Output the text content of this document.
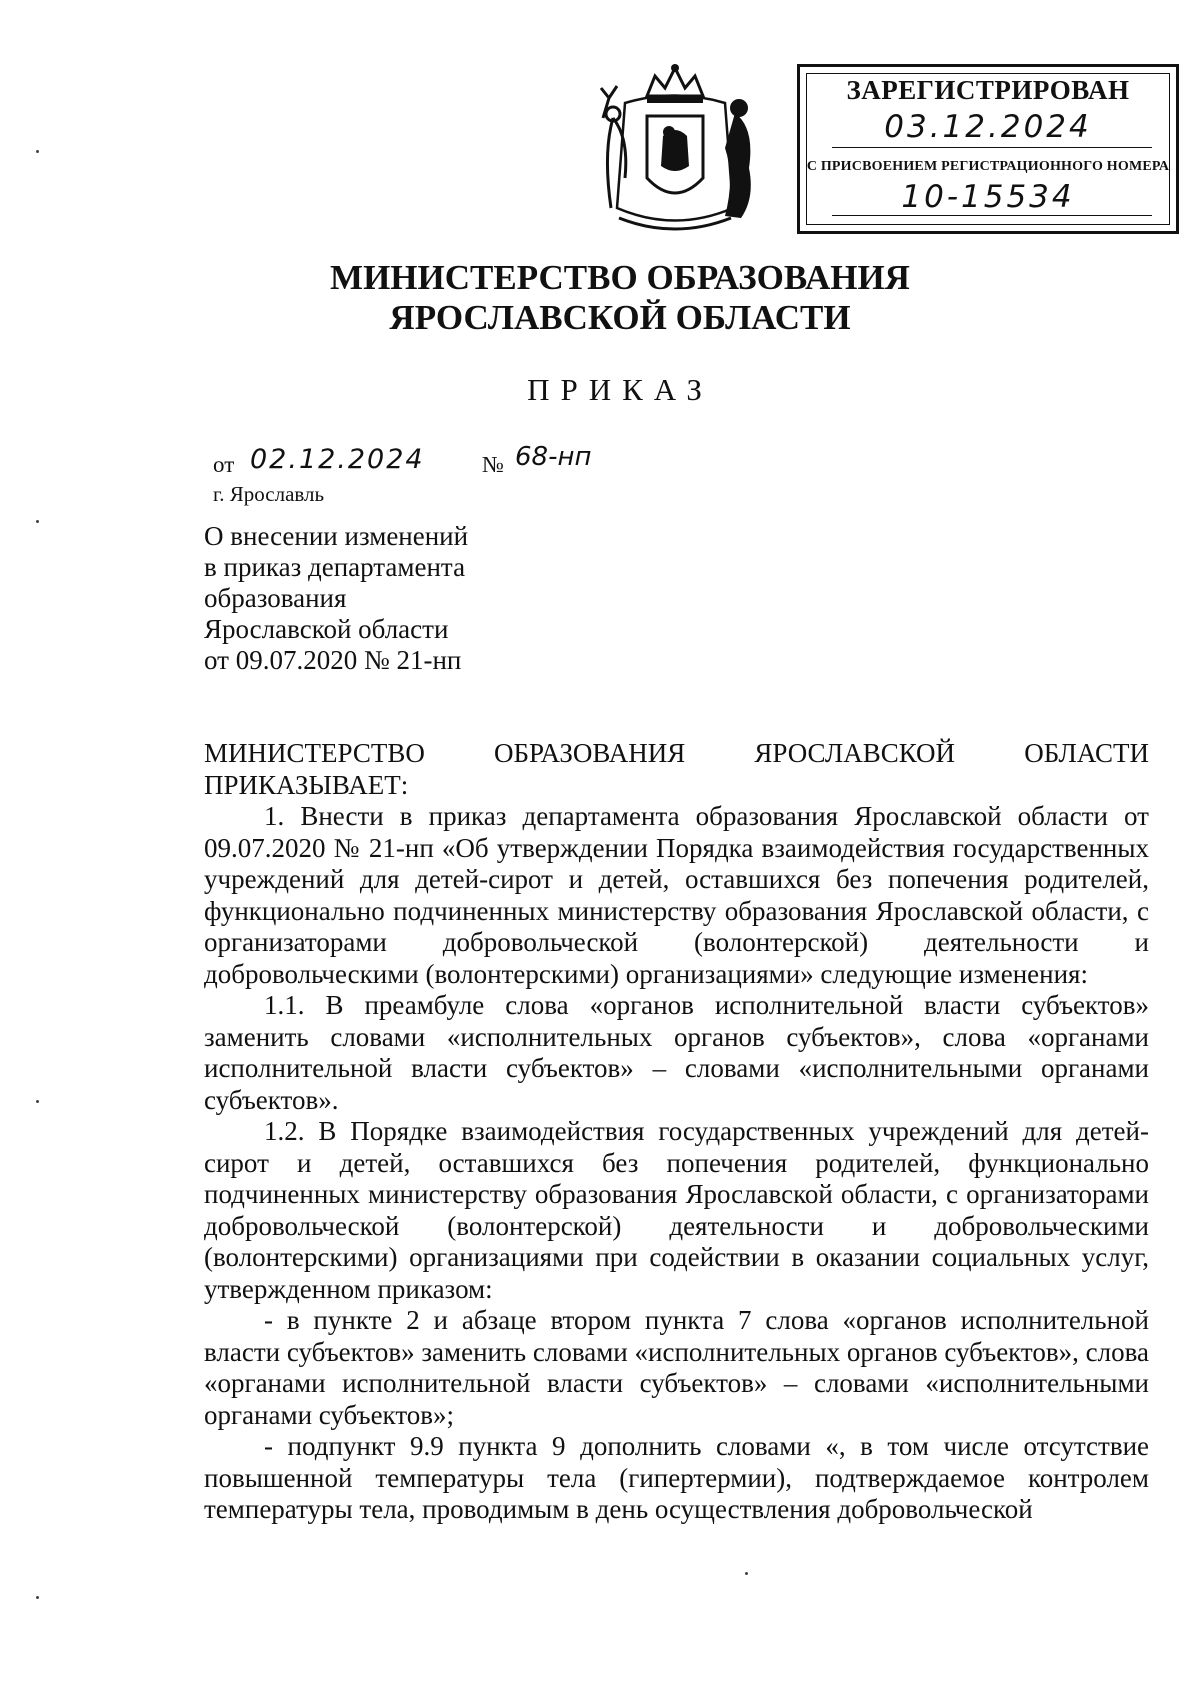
ЗАРЕГИСТРИРОВАН
03.12.2024
С ПРИСВОЕНИЕМ РЕГИСТРАЦИОННОГО НОМЕРА
10-15534
МИНИСТЕРСТВО ОБРАЗОВАНИЯ
ЯРОСЛАВСКОЙ ОБЛАСТИ
ПРИКАЗ
от 02.12.2024 № 68-нп
г. Ярославль
О внесении изменений
в приказ департамента
образования
Ярославской области
от 09.07.2020 № 21-нп

МИНИСТЕРСТВО ОБРАЗОВАНИЯ ЯРОСЛАВСКОЙ ОБЛАСТИ

ПРИКАЗЫВАЕТ:

1. Внести в приказ департамента образования Ярославской области от 09.07.2020 № 21-нп «Об утверждении Порядка взаимодействия государственных учреждений для детей-сирот и детей, оставшихся без попечения родителей, функционально подчиненных министерству образования Ярославской области, с организаторами добровольческой (волонтерской) деятельности и добровольческими (волонтерскими) организациями» следующие изменения:

1.1. В преамбуле слова «органов исполнительной власти субъектов» заменить словами «исполнительных органов субъектов», слова «органами исполнительной власти субъектов» – словами «исполнительными органами субъектов».

1.2. В Порядке взаимодействия государственных учреждений для детей-сирот и детей, оставшихся без попечения родителей, функционально подчиненных министерству образования Ярославской области, с организаторами добровольческой (волонтерской) деятельности и добровольческими (волонтерскими) организациями при содействии в оказании социальных услуг, утвержденном приказом:

- в пункте 2 и абзаце втором пункта 7 слова «органов исполнительной власти субъектов» заменить словами «исполнительных органов субъектов», слова «органами исполнительной власти субъектов» – словами «исполнительными органами субъектов»;

- подпункт 9.9 пункта 9 дополнить словами «, в том числе отсутствие повышенной температуры тела (гипертермии), подтверждаемое контролем температуры тела, проводимым в день осуществления добровольческой
